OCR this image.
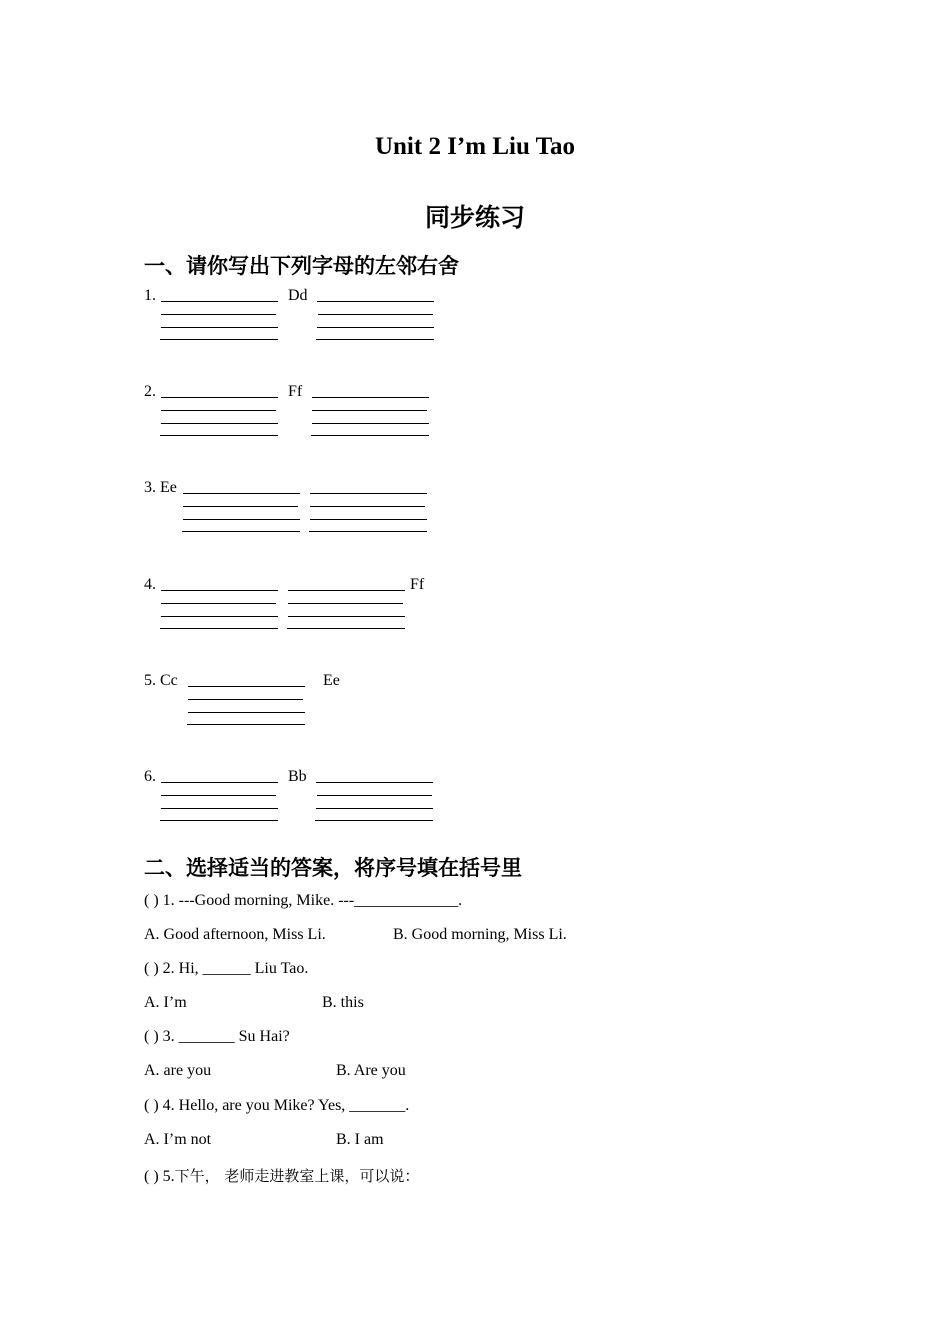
Unit 2 I’m Liu Tao
同步练习
一、请你写出下列字母的左邻右舍
1.	Dd
2.	Ff
3. Ee
4.	Ff
5. Cc	Ee
6.	Bb
二、选择适当的答案，将序号填在括号里
( ) 1. ---Good morning, Mike. ---_____________.
A. Good afternoon, Miss Li.	B. Good morning, Miss Li.
( ) 2. Hi, ______ Liu Tao.
A. I’m	B. this
( ) 3. _______ Su Hai?
A. are you	B. Are you
( ) 4. Hello, are you Mike? Yes, _______.
A. I’m not	B. I am
( ) 5.下午， 老师走进教室上课，可以说：
